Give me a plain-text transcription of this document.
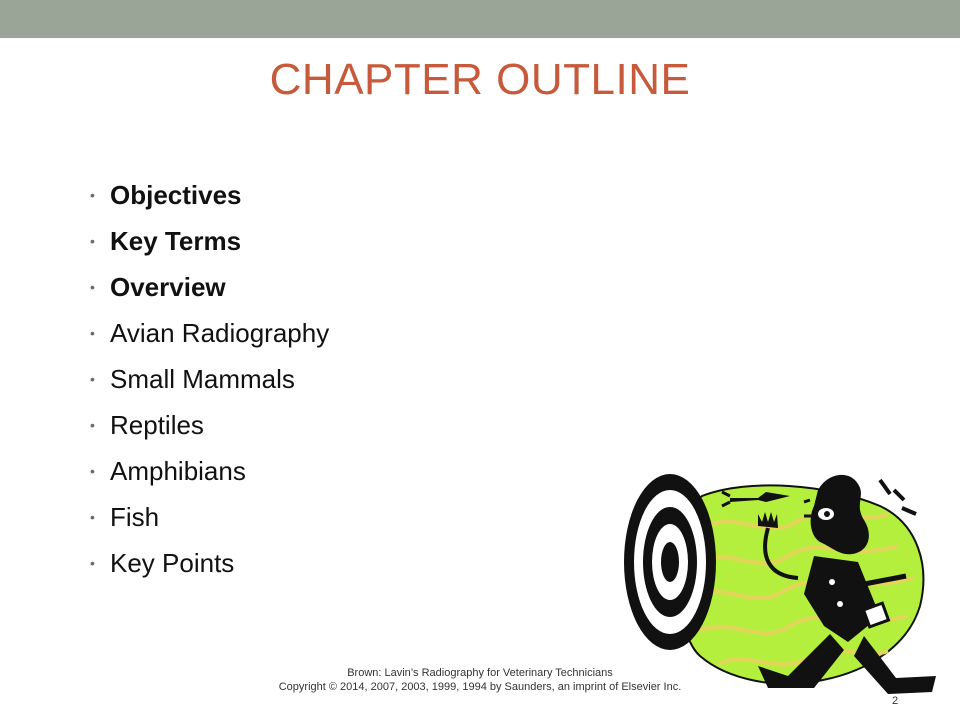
CHAPTER OUTLINE
• Objectives
• Key Terms
• Overview
• Avian Radiography
• Small Mammals
• Reptiles
• Amphibians
• Fish
• Key Points
Brown: Lavin’s Radiography for Veterinary Technicians
Copyright © 2014, 2007, 2003, 1999, 1994 by Saunders, an imprint of Elsevier Inc.
2
